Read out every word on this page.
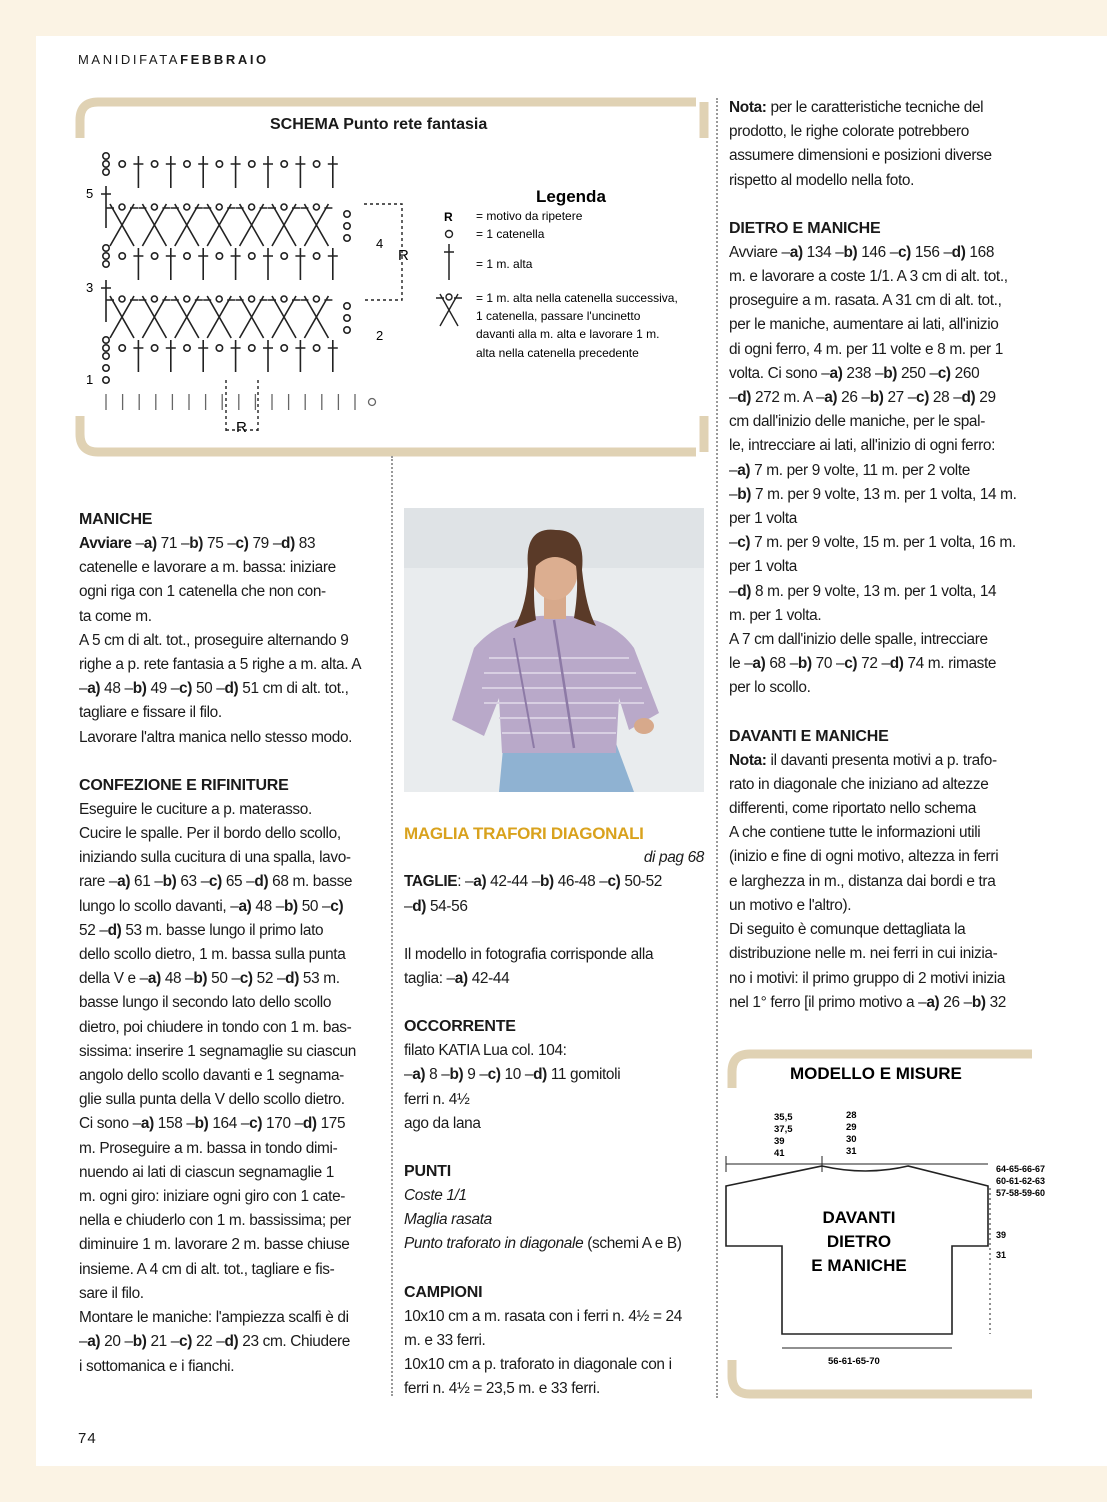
MANIDIFATAFEBBRAIO
5
3
1
4
2
R
R
Legenda
R = motivo da ripetere
= 1 catenella
= 1 m. alta
= 1 m. alta nella catenella successiva,
1 catenella, passare l'uncinetto
davanti alla m. alta e lavorare 1 m.
alta nella catenella precedente
SCHEMA Punto rete fantasia
MANICHE

Avviare –a) 71 –b) 75 –c) 79 –d) 83

catenelle e lavorare a m. bassa: iniziare

ogni riga con 1 catenella che non con-

ta come m.

A 5 cm di alt. tot., proseguire alternando 9

righe a p. rete fantasia a 5 righe a m. alta. A

–a) 48 –b) 49 –c) 50 –d) 51 cm di alt. tot.,

tagliare e fissare il filo.

Lavorare l'altra manica nello stesso modo.

CONFEZIONE E RIFINITURE

Eseguire le cuciture a p. materasso.

Cucire le spalle. Per il bordo dello scollo,

iniziando sulla cucitura di una spalla, lavo-

rare –a) 61 –b) 63 –c) 65 –d) 68 m. basse

lungo lo scollo davanti, –a) 48 –b) 50 –c)

52 –d) 53 m. basse lungo il primo lato

dello scollo dietro, 1 m. bassa sulla punta

della V e –a) 48 –b) 50 –c) 52 –d) 53 m.

basse lungo il secondo lato dello scollo

dietro, poi chiudere in tondo con 1 m. bas-

sissima: inserire 1 segnamaglie su ciascun

angolo dello scollo davanti e 1 segnama-

glie sulla punta della V dello scollo dietro.

Ci sono –a) 158 –b) 164 –c) 170 –d) 175

m. Proseguire a m. bassa in tondo dimi-

nuendo ai lati di ciascun segnamaglie 1

m. ogni giro: iniziare ogni giro con 1 cate-

nella e chiuderlo con 1 m. bassissima; per

diminuire 1 m. lavorare 2 m. basse chiuse

insieme. A 4 cm di alt. tot., tagliare e fis-

sare il filo.

Montare le maniche: l'ampiezza scalfi è di

–a) 20 –b) 21 –c) 22 –d) 23 cm. Chiudere

i sottomanica e i fianchi.

MAGLIA TRAFORI DIAGONALI

di pag 68

TAGLIE: –a) 42-44 –b) 46-48 –c) 50-52

–d) 54-56

Il modello in fotografia corrisponde alla

taglia: –a) 42-44

OCCORRENTE

filato KATIA Lua col. 104:

–a) 8 –b) 9 –c) 10 –d) 11 gomitoli

ferri n. 4½

ago da lana

PUNTI

Coste 1/1

Maglia rasata

Punto traforato in diagonale (schemi A e B)

CAMPIONI

10x10 cm a m. rasata con i ferri n. 4½ = 24

m. e 33 ferri.

10x10 cm a p. traforato in diagonale con i

ferri n. 4½ = 23,5 m. e 33 ferri.

Nota: per le caratteristiche tecniche del

prodotto, le righe colorate potrebbero

assumere dimensioni e posizioni diverse

rispetto al modello nella foto.

DIETRO E MANICHE

Avviare –a) 134 –b) 146 –c) 156 –d) 168

m. e lavorare a coste 1/1. A 3 cm di alt. tot.,

proseguire a m. rasata. A 31 cm di alt. tot.,

per le maniche, aumentare ai lati, all'inizio

di ogni ferro, 4 m. per 11 volte e 8 m. per 1

volta. Ci sono –a) 238 –b) 250 –c) 260

–d) 272 m. A –a) 26 –b) 27 –c) 28 –d) 29

cm dall'inizio delle maniche, per le spal-

le, intrecciare ai lati, all'inizio di ogni ferro:

–a) 7 m. per 9 volte, 11 m. per 2 volte

–b) 7 m. per 9 volte, 13 m. per 1 volta, 14 m.

per 1 volta

–c) 7 m. per 9 volte, 15 m. per 1 volta, 16 m.

per 1 volta

–d) 8 m. per 9 volte, 13 m. per 1 volta, 14

m. per 1 volta.

A 7 cm dall'inizio delle spalle, intrecciare

le –a) 68 –b) 70 –c) 72 –d) 74 m. rimaste

per lo scollo.

DAVANTI E MANICHE

Nota: il davanti presenta motivi a p. trafo-

rato in diagonale che iniziano ad altezze

differenti, come riportato nello schema

A che contiene tutte le informazioni utili

(inizio e fine di ogni motivo, altezza in ferri

e larghezza in m., distanza dai bordi e tra

un motivo e l'altro).

Di seguito è comunque dettagliata la

distribuzione nelle m. nei ferri in cui inizia-

no i motivi: il primo gruppo di 2 motivi inizia

nel 1° ferro [il primo motivo a –a) 26 –b) 32

MODELLO E MISURE
35,5
37,5
39
41
28
29
30
31
64-65-66-67
60-61-62-63
57-58-59-60
39
31
56-61-65-70
DAVANTI
DIETRO
E MANICHE
74
